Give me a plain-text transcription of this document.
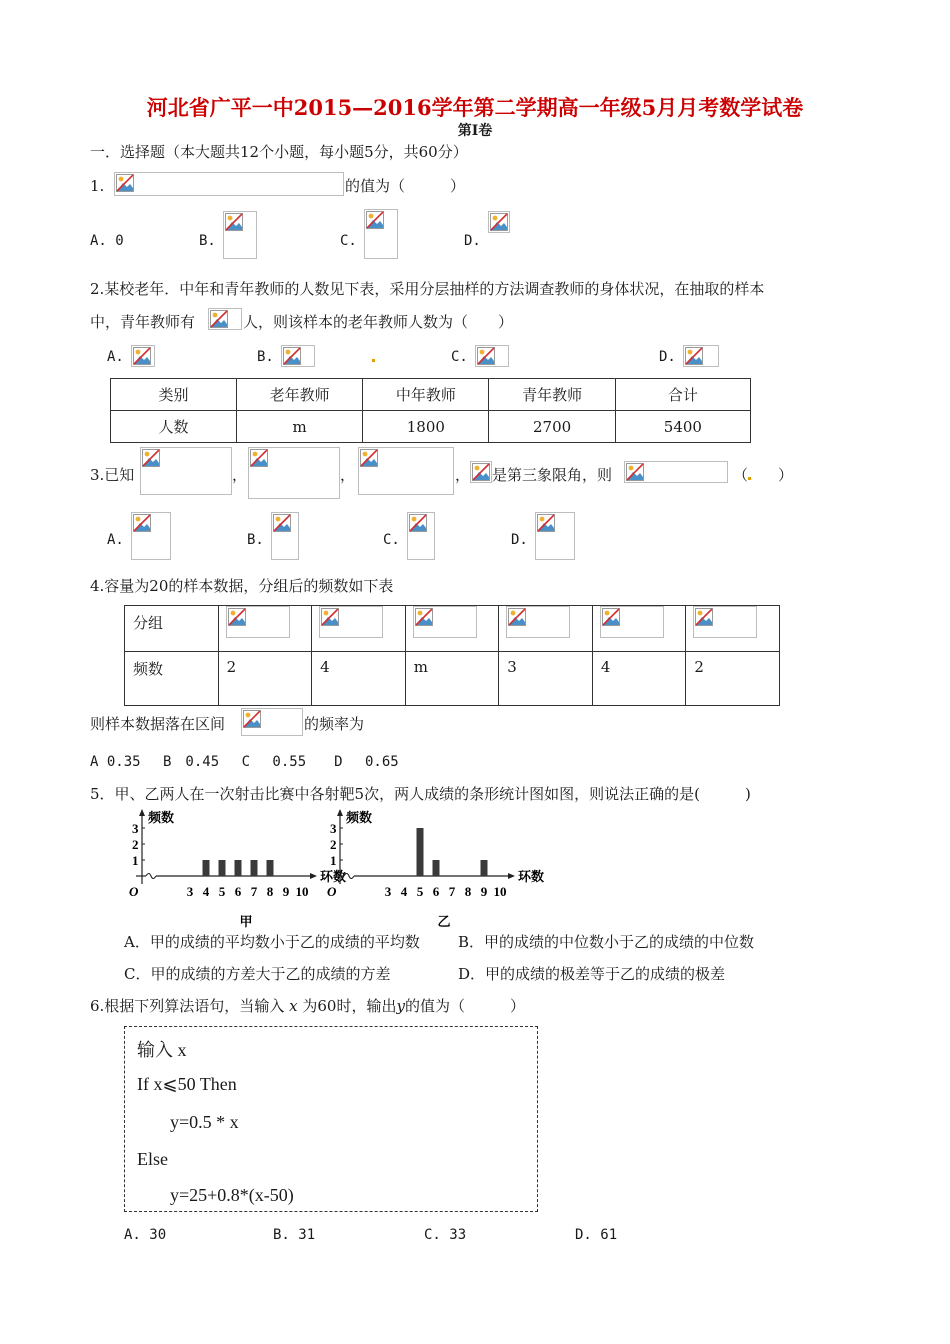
河北省广平一中2015—2016学年第二学期高一年级5月月考数学试卷
第Ⅰ卷
一．选择题（本大题共12个小题，每小题5分，共60分）
1.	的值为（　　　）
A. 0	B.	C.	D.
2.某校老年．中年和青年教师的人数见下表，采用分层抽样的方法调查教师的身体状况，在抽取的样本
中，青年教师有	人，则该样本的老年教师人数为（　　）
A.	B.	C.	D.
类别	老年教师	中年教师	青年教师	合计
人数	m	1800	2700	5400
3.已知	，	，	， 是第三象限角，则	（ ）
A.	B.	C.	D.
4.容量为20的样本数据，分组后的频数如下表
分组	

频数	2	4	m	3	4	2
则样本数据落在区间	的频率为
A 0.35　 B　0.45　 C　 0.55　　D　 0.65
5．甲、乙两人在一次射击比赛中各射靶5次，两人成绩的条形统计图如图，则说法正确的是(　　　)
频数
环数
O
1
2
3
3 4 5 6 7 8 9 10
甲
频数
环数
O
1
2
3
3 4 5 6 7 8 9 10
乙
A．甲的成绩的平均数小于乙的成绩的平均数	B．甲的成绩的中位数小于乙的成绩的中位数
C．甲的成绩的方差大于乙的成绩的方差	D．甲的成绩的极差等于乙的成绩的极差
6.根据下列算法语句，当输入 x 为60时，输出y的值为（　　　）
输入 x
If x⩽50 Then
y=0.5 * x
Else
y=25+0.8*(x-50)
A. 30	B. 31	C. 33	D. 61
